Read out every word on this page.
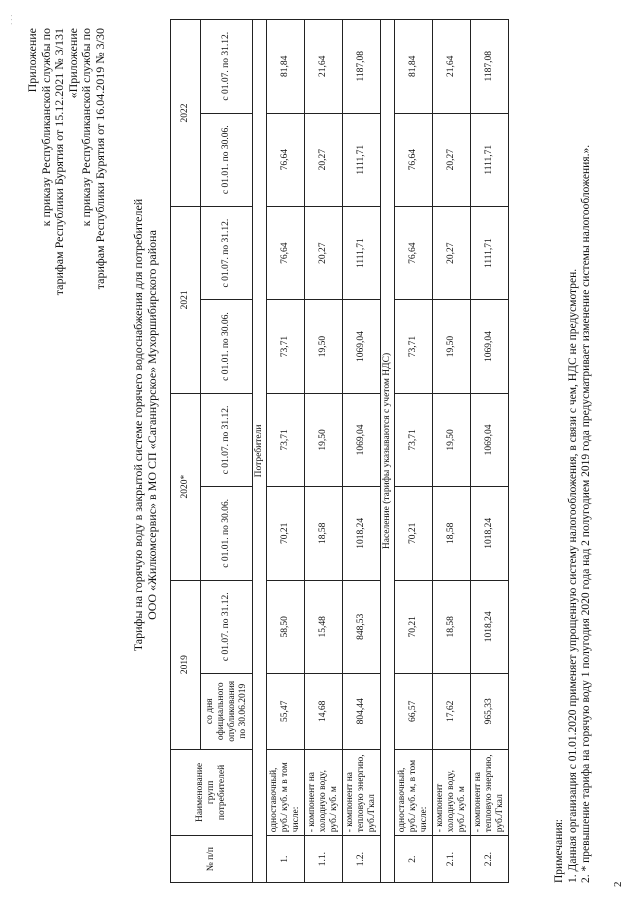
· · ·
Приложение к приказу Республиканской службы по тарифам Республики Бурятия от 15.12.2021 № 3/131 «Приложение к приказу Республиканской службы по тарифам Республики Бурятия от 16.04.2019 № 3/30
Тарифы на горячую воду в закрытой системе горячего водоснабжения для потребителей ООО «Жилкомсервис» в МО СП «Саганнурское» Мухоршибирского района
№ п/п	Наименование групп потребителей	2019		2020*		2021		2022	
		со дня официального опубликования по 30.06.2019	с 01.07. по 31.12.	с 01.01. по 30.06.	с 01.07. по 31.12.	с 01.01. по 30.06.	с 01.07. по 31.12.	с 01.01. по 30.06.	с 01.07. по 31.12.
Потребители									
1.	одноставочный, руб./ куб. м в том числе:	55,47	58,50	70,21	73,71	73,71	76,64	76,64	81,84
1.1.	- компонент на холодную воду, руб./ куб. м	14,68	15,48	18,58	19,50	19,50	20,27	20,27	21,64
1.2.	- компонент на тепловую энергию, руб./Гкал	804,44	848,53	1018,24	1069,04	1069,04	1111,71	1111,71	1187,08
Население (тарифы указываются с учетом НДС)									
2.	одноставочный, руб./ куб. м, в том числе:	66,57	70,21	70,21	73,71	73,71	76,64	76,64	81,84
2.1.	- компонент холодную воду, руб./ куб. м	17,62	18,58	18,58	19,50	19,50	20,27	20,27	21,64
2.2.	- компонент на тепловую энергию, руб./Гкал	965,33	1018,24	1018,24	1069,04	1069,04	1111,71	1111,71	1187,08

Примечания: 1. Данная организация с 01.01.2020 применяет упрощенную систему налогообложения, в связи с чем, НДС не предусмотрен. 2. * превышение тарифа на горячую воду 1 полугодия 2020 года над 2 полугодием 2019 года предусматривает изменение системы налогообложения.».

2
